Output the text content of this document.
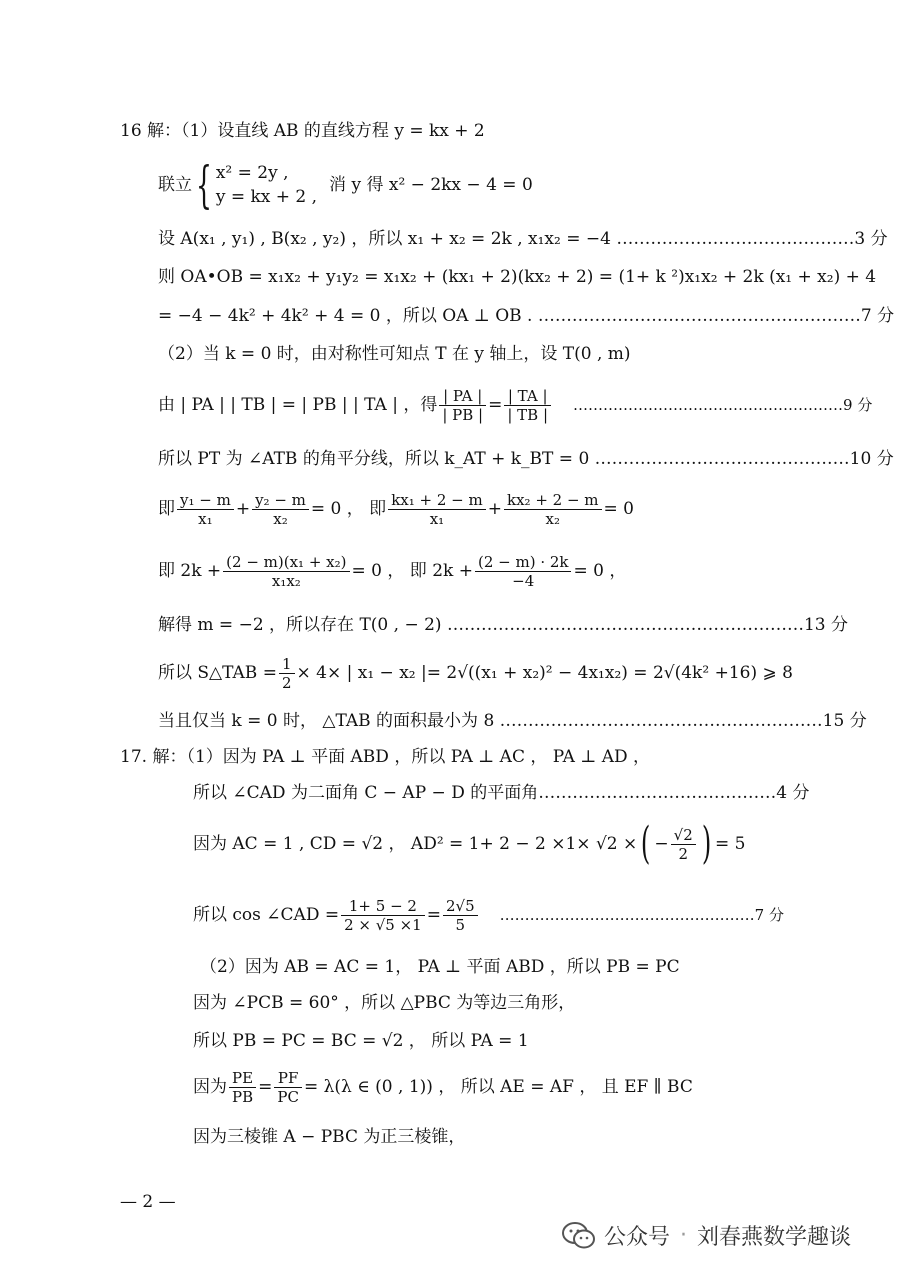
16 解：（1）设直线 AB 的直线方程 y = kx + 2
联立 { x² = 2y ,
y = kx + 2 ,
消 y 得 x² − 2kx − 4 = 0
设 A(x₁ , y₁) , B(x₂ , y₂) ，所以 x₁ + x₂ = 2k , x₁x₂ = −4 ……………………………………3 分
则 OA•OB = x₁x₂ + y₁y₂ = x₁x₂ + (kx₁ + 2)(kx₂ + 2) = (1+ k ²)x₁x₂ + 2k (x₁ + x₂) + 4
= −4 − 4k² + 4k² + 4 = 0 ，所以 OA ⊥ OB . …………………………………………………7 分
（2）当 k = 0 时，由对称性可知点 T 在 y 轴上，设 T(0 , m)
由 | PA | | TB | = | PB | | TA | ，得 $\frac{| PA |}{| PB |} = \frac{| TA |}{| TB |}$ ………………………………………………9 分
所以 PT 为 ∠ATB 的角平分线，所以 k_AT + k_BT = 0 ………………………………………10 分
即 $\frac{\text{y₁ − m}}{\text{x₁}} + \frac{\text{y₂ − m}}{\text{x₂}} = 0$ ， 即 $\frac{\text{kx₁ + 2 − m}}{\text{x₁}} + \frac{\text{kx₂ + 2 − m}}{\text{x₂}} = 0$
即 $2k + \frac{\text{(2 − m)(x₁ + x₂)}}{\text{x₁x₂}} = 0$ ， 即 $2k + \frac{(2 - m) \cdot 2k}{-4} = 0$ ，
解得 m = −2 ，所以存在 T(0 , − 2) ………………………………………………………13 分
所以 S△TAB = $\frac{1}{2} \times 4\times$ | x₁ − x₂ |= 2√((x₁ + x₂)² − 4x₁x₂) = 2√(4k² +16) ⩾ 8
当且仅当 k = 0 时， △TAB 的面积最小为 8 …………………………………………………15 分
17. 解：（1）因为 PA ⊥ 平面 ABD ，所以 PA ⊥ AC ， PA ⊥ AD ，
所以 ∠CAD 为二面角 C − AP − D 的平面角……………………………………4 分
因为 AC = 1 , CD = √2 ， AD² = 1+ 2 − 2 ×1× √2 × ( − $\frac{√2}{2}$ ) = 5
所以 cos ∠CAD = $\frac{1+ 5 - 2}{2 \times √5 \times 1} = \frac{2√5}{5}$ ……………………………………………7 分
（2）因为 AB = AC = 1， PA ⊥ 平面 ABD ，所以 PB = PC
因为 ∠PCB = 60° ，所以 △PBC 为等边三角形，
所以 PB = PC = BC = √2 ， 所以 PA = 1
因为 $\frac{PE}{PB} = \frac{PF}{PC} = \lambda(\lambda$ ∈ (0 , 1)) ， 所以 AE = AF ， 且 EF ∥ BC
因为三棱锥 A − PBC 为正三棱锥，
— 2 —
公众号 · 刘春燕数学趣谈
